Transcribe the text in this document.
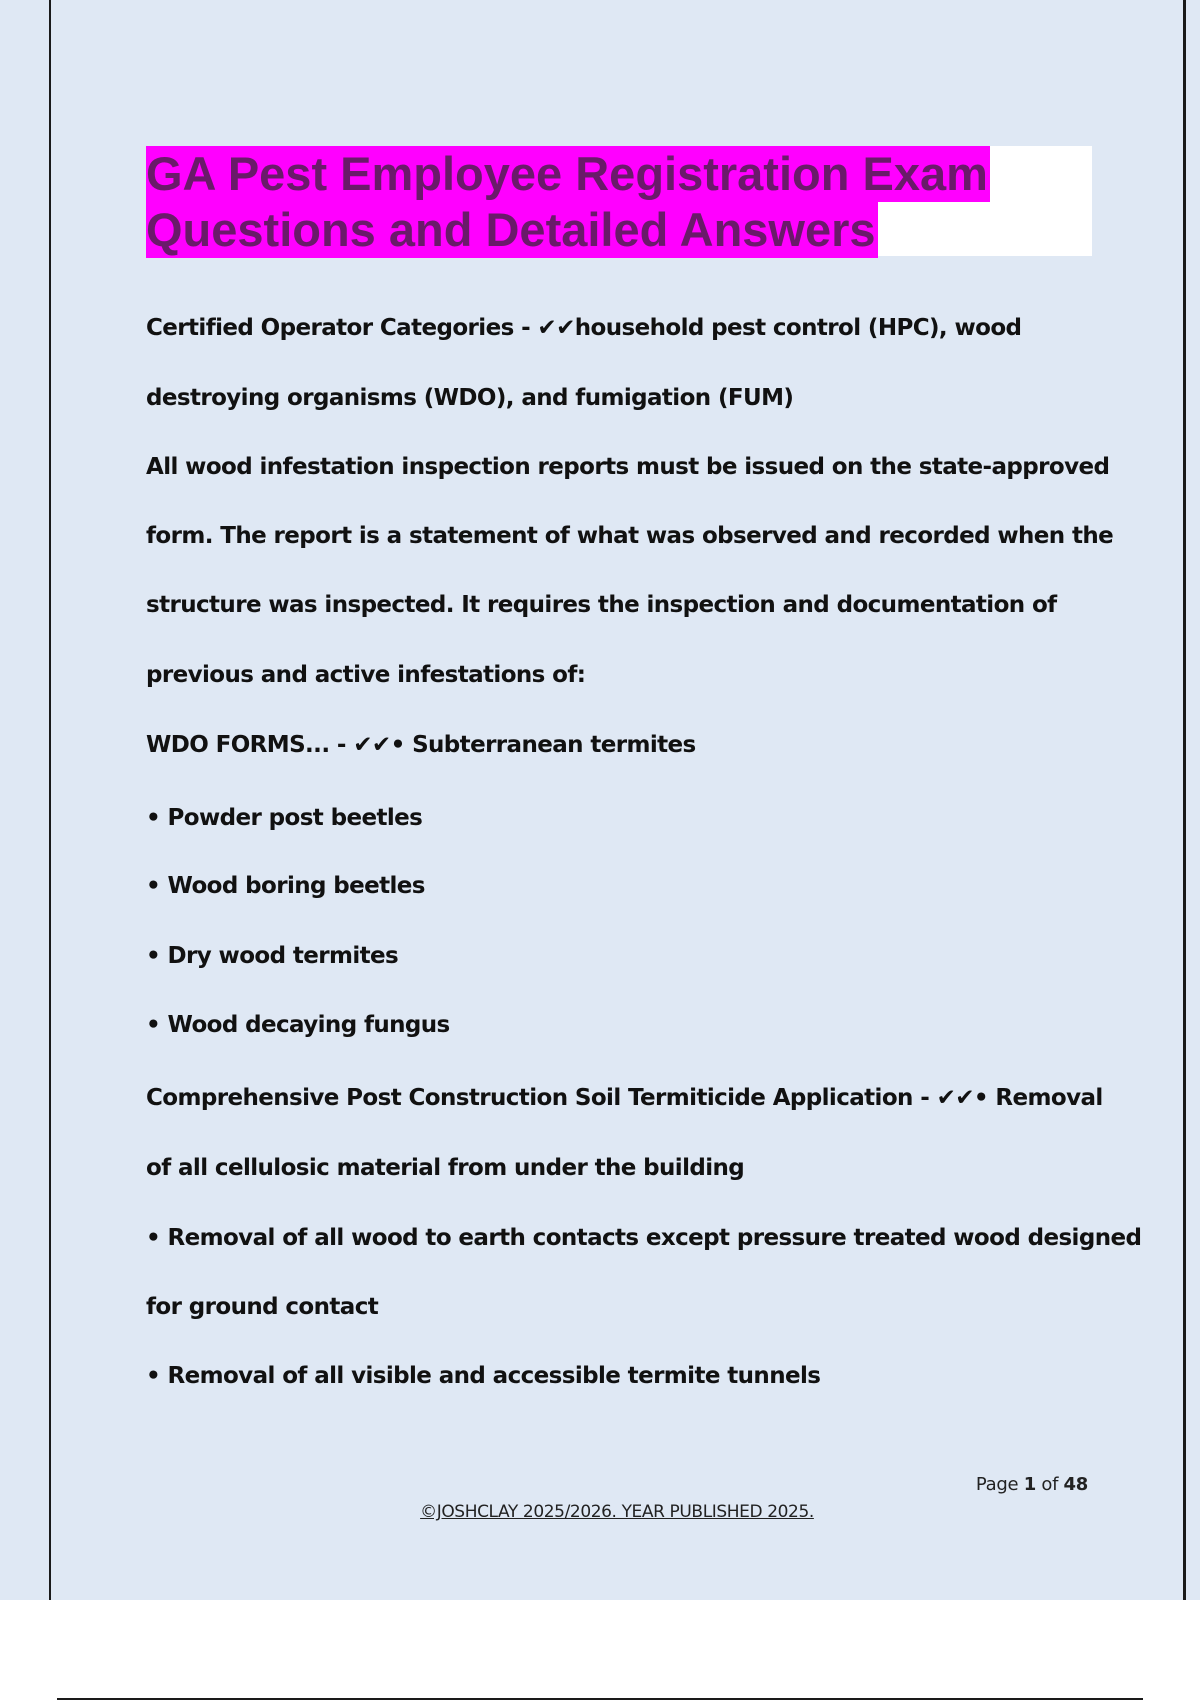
GA Pest Employee Registration Exam
Questions and Detailed Answers
Certified Operator Categories - ✔✔household pest control (HPC), wood
destroying organisms (WDO), and fumigation (FUM)
All wood infestation inspection reports must be issued on the state-approved
form. The report is a statement of what was observed and recorded when the
structure was inspected. It requires the inspection and documentation of
previous and active infestations of:
WDO FORMS... - ✔✔• Subterranean termites
• Powder post beetles
• Wood boring beetles
• Dry wood termites
• Wood decaying fungus
Comprehensive Post Construction Soil Termiticide Application - ✔✔• Removal
of all cellulosic material from under the building
• Removal of all wood to earth contacts except pressure treated wood designed
for ground contact
• Removal of all visible and accessible termite tunnels
Page 1 of 48
©JOSHCLAY 2025/2026. YEAR PUBLISHED 2025.
